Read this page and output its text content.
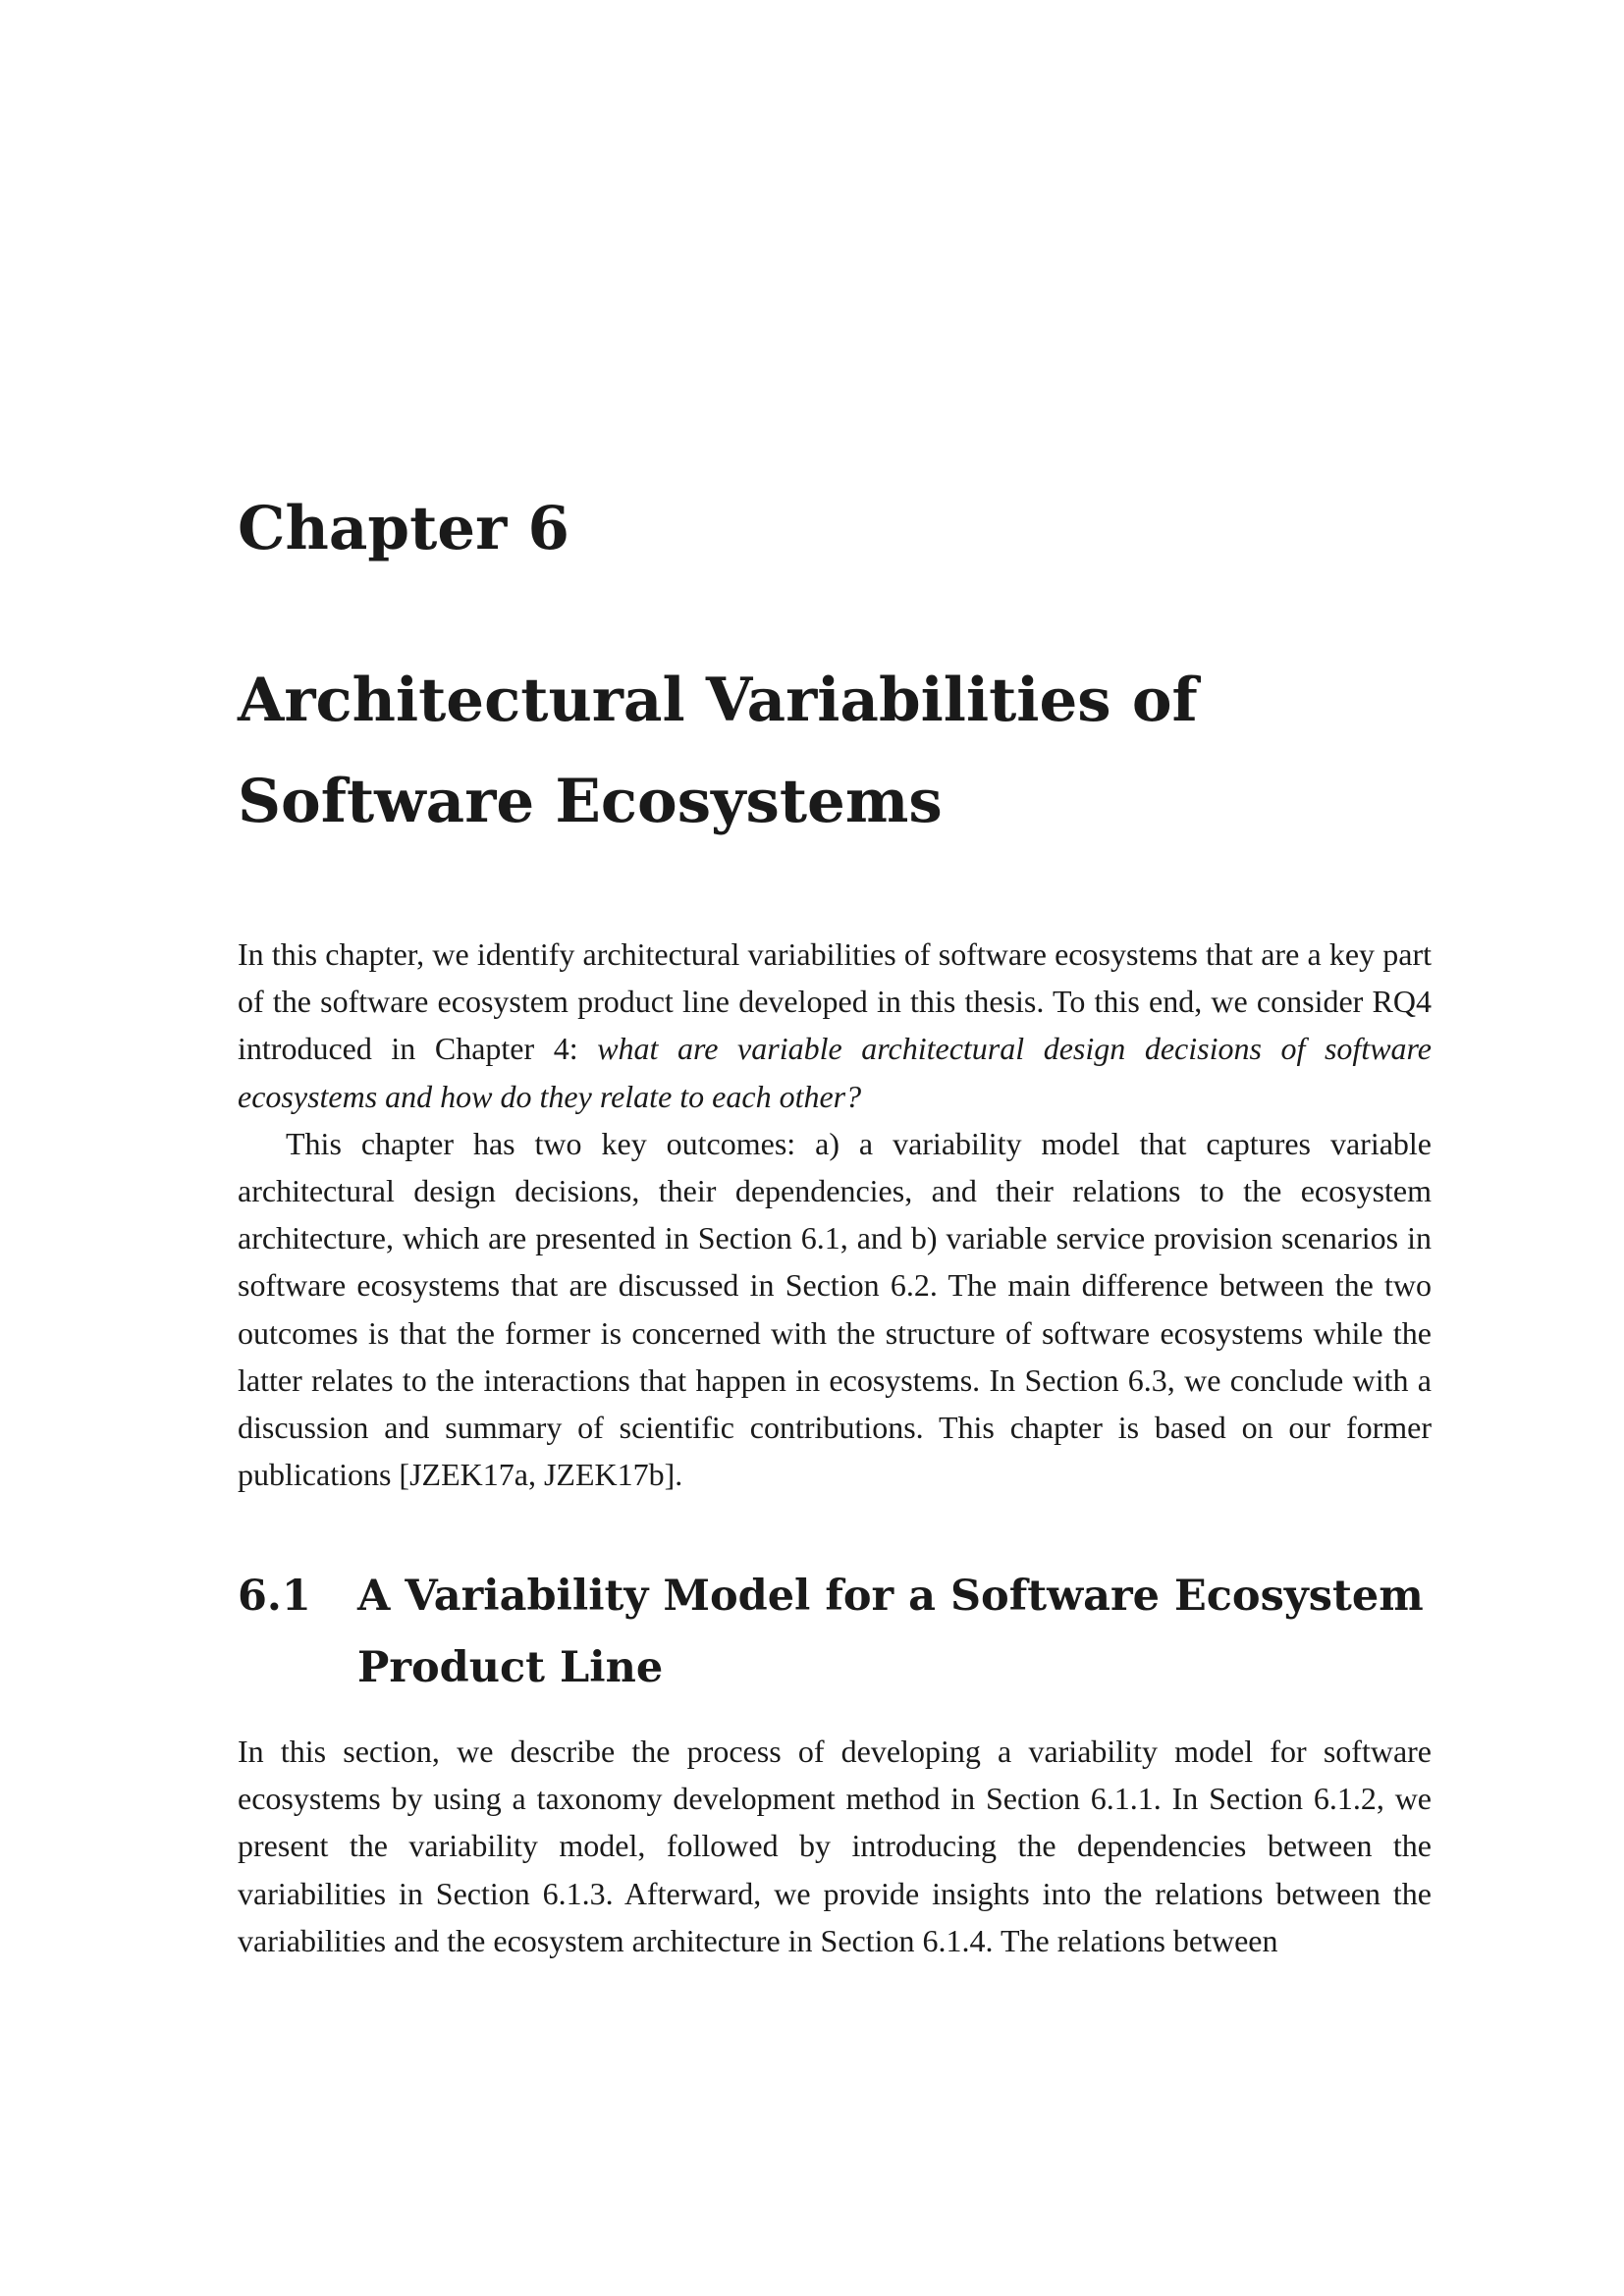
Chapter 6
Architectural Variabilities of Software Ecosystems

In this chapter, we identify architectural variabilities of software ecosystems that are a key part of the software ecosystem product line developed in this thesis. To this end, we consider RQ4 introduced in Chapter 4: what are variable architectural design decisions of software ecosystems and how do they relate to each other?

This chapter has two key outcomes: a) a variability model that captures variable architectural design decisions, their dependencies, and their relations to the ecosystem architecture, which are presented in Section 6.1, and b) variable service provision scenarios in software ecosystems that are discussed in Section 6.2. The main difference between the two outcomes is that the former is concerned with the structure of software ecosystems while the latter relates to the interactions that happen in ecosystems. In Section 6.3, we conclude with a discussion and summary of scientific contributions. This chapter is based on our former publications [JZEK17a, JZEK17b].

6.1	A Variability Model for a Software Ecosystem Product Line

In this section, we describe the process of developing a variability model for software ecosystems by using a taxonomy development method in Section 6.1.1. In Section 6.1.2, we present the variability model, followed by introducing the dependencies between the variabilities in Section 6.1.3. Afterward, we provide insights into the relations between the variabilities and the ecosystem architecture in Section 6.1.4. The relations between
